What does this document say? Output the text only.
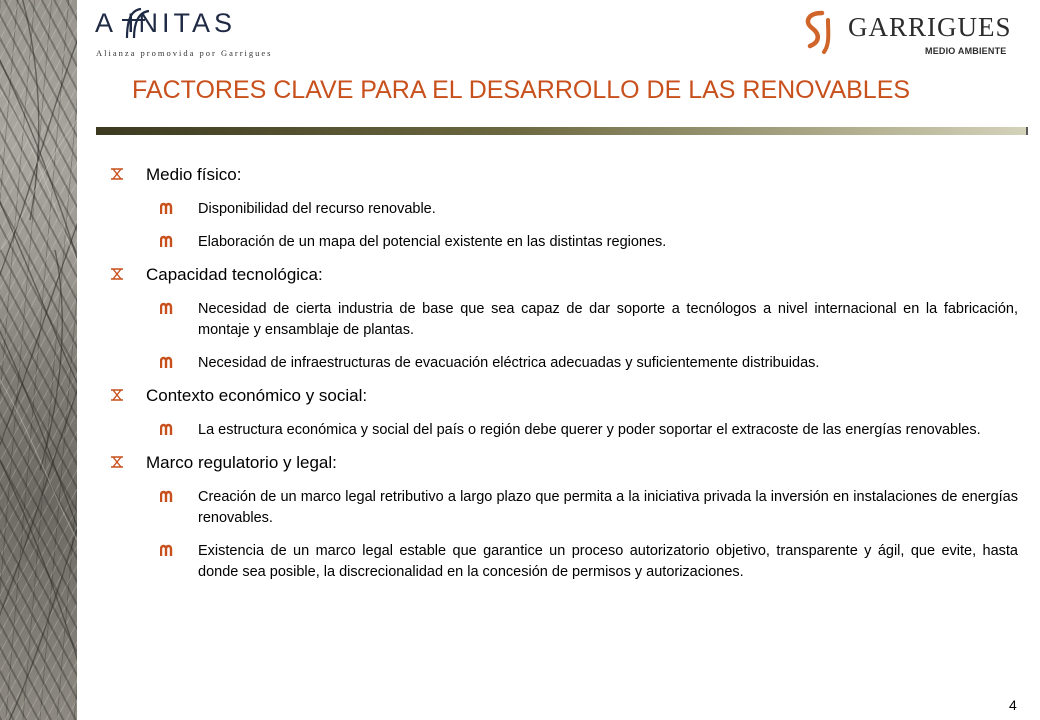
A INITAS
Alianza promovida por Garrigues
GARRIGUES
MEDIO AMBIENTE
FACTORES CLAVE PARA EL DESARROLLO DE LAS RENOVABLES
Medio físico:
Disponibilidad del recurso renovable.
Elaboración de un mapa del potencial existente en las distintas regiones.
Capacidad tecnológica:
Necesidad de cierta industria de base que sea capaz de dar soporte a tecnólogos a nivel internacional en la fabricación, montaje y ensamblaje de plantas.
Necesidad de infraestructuras de evacuación eléctrica adecuadas y suficientemente distribuidas.
Contexto económico y social:
La estructura económica y social del país o región debe querer y poder soportar el extracoste de las energías renovables.
Marco regulatorio y legal:
Creación de un marco legal retributivo a largo plazo que permita a la iniciativa privada la inversión en instalaciones de energías renovables.
Existencia de un marco legal estable que garantice un proceso autorizatorio objetivo, transparente y ágil, que evite, hasta donde sea posible, la discrecionalidad en la concesión de permisos y autorizaciones.
4
